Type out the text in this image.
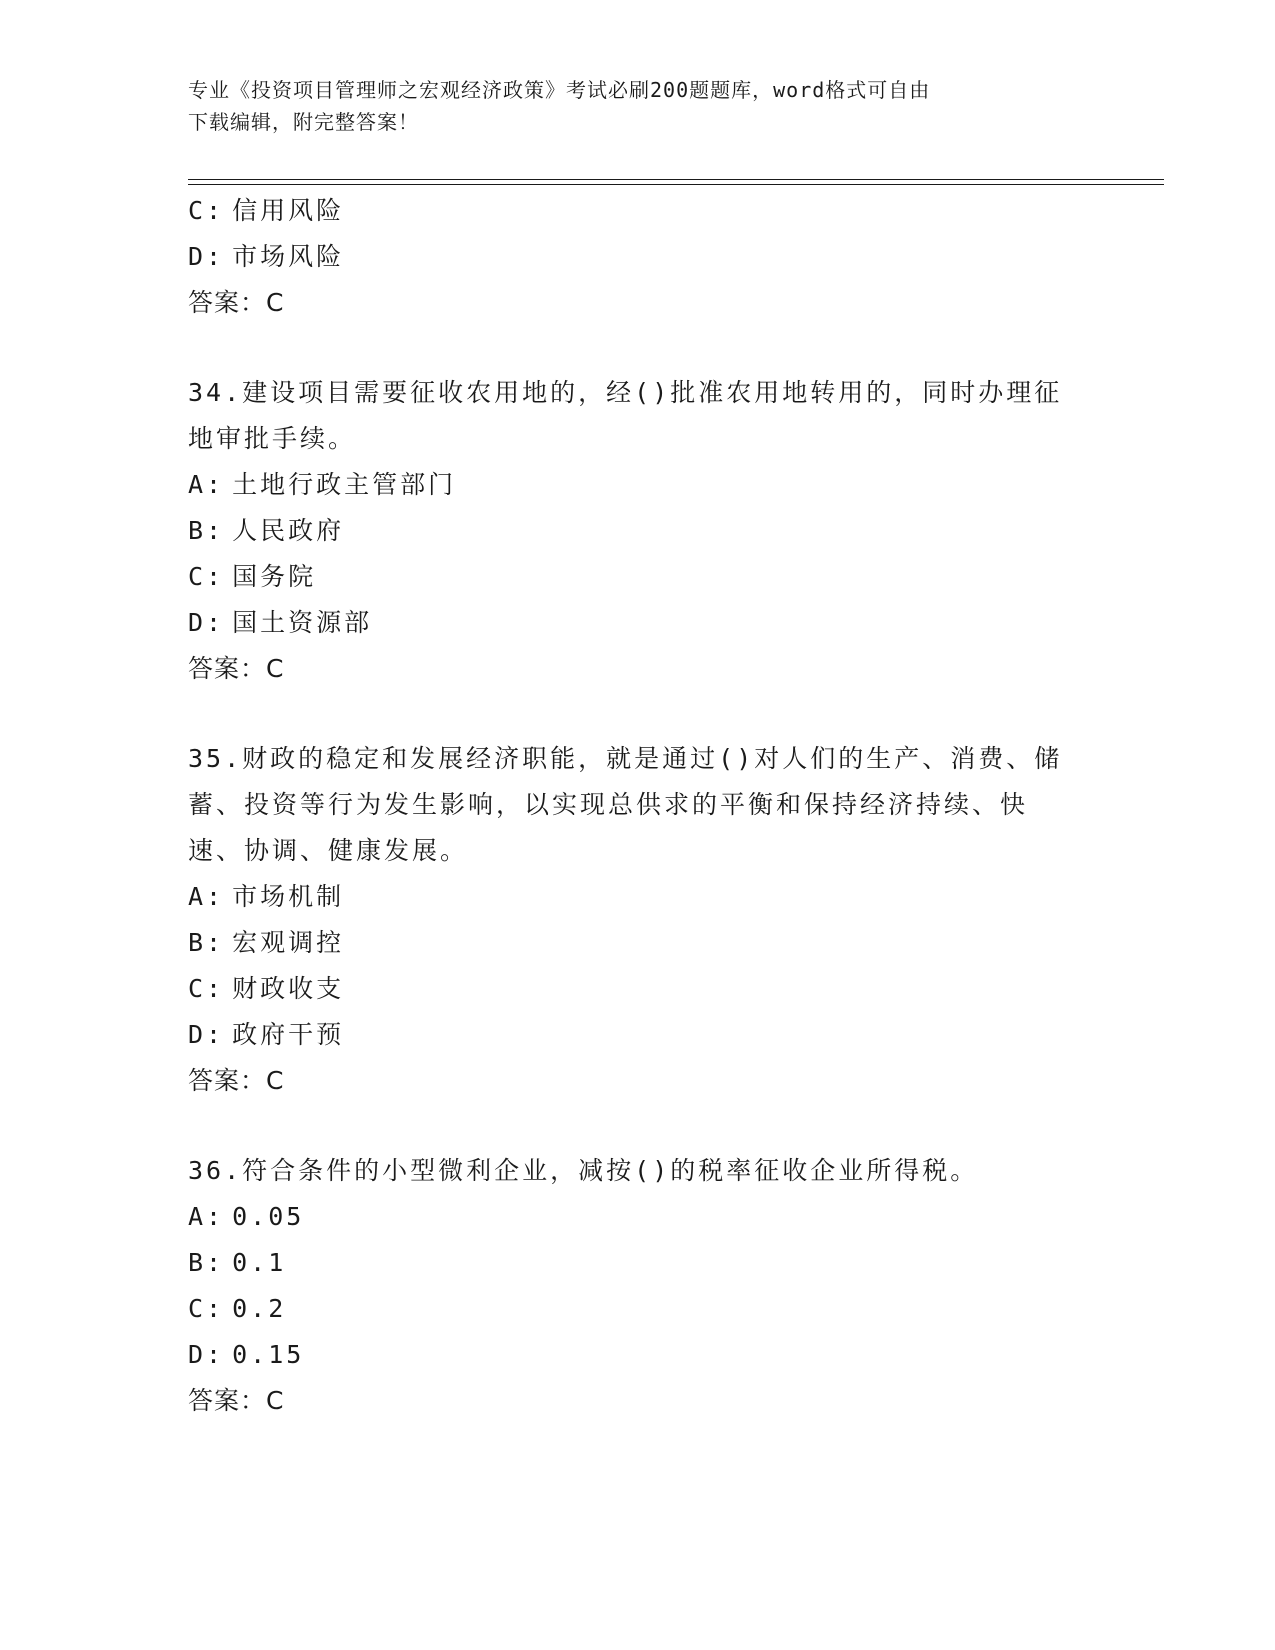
专业《投资项目管理师之宏观经济政策》考试必刷200题题库，word格式可自由
下载编辑，附完整答案！
C: 信用风险
D: 市场风险
答案：C
34.建设项目需要征收农用地的，经()批准农用地转用的，同时办理征
地审批手续。
A: 土地行政主管部门
B: 人民政府
C: 国务院
D: 国土资源部
答案：C
35.财政的稳定和发展经济职能，就是通过()对人们的生产、消费、储
蓄、投资等行为发生影响，以实现总供求的平衡和保持经济持续、快
速、协调、健康发展。
A: 市场机制
B: 宏观调控
C: 财政收支
D: 政府干预
答案：C
36.符合条件的小型微利企业，减按()的税率征收企业所得税。
A: 0.05
B: 0.1
C: 0.2
D: 0.15
答案：C
